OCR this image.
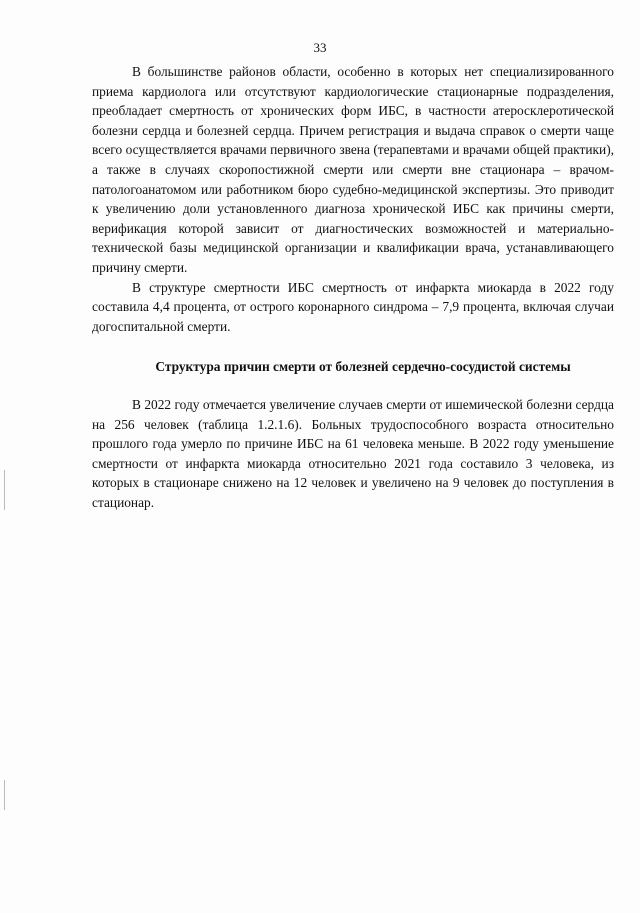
33

В большинстве районов области, особенно в которых нет специализированного приема кардиолога или отсутствуют кардиологические стационарные подразделения, преобладает смертность от хронических форм ИБС, в частности атеросклеротической болезни сердца и болезней сердца. Причем регистрация и выдача справок о смерти чаще всего осуществляется врачами первичного звена (терапевтами и врачами общей практики), а также в случаях скоропостижной смерти или смерти вне стационара – врачом-патологоанатомом или работником бюро судебно-медицинской экспертизы. Это приводит к увеличению доли установленного диагноза хронической ИБС как причины смерти, верификация которой зависит от диагностических возможностей и материально-технической базы медицинской организации и квалификации врача, устанавливающего причину смерти.

В структуре смертности ИБС смертность от инфаркта миокарда в 2022 году составила 4,4 процента, от острого коронарного синдрома – 7,9 процента, включая случаи догоспитальной смерти.

Структура причин смерти от болезней сердечно-сосудистой системы

В 2022 году отмечается увеличение случаев смерти от ишемической болезни сердца на 256 человек (таблица 1.2.1.6). Больных трудоспособного возраста относительно прошлого года умерло по причине ИБС на 61 человека меньше. В 2022 году уменьшение смертности от инфаркта миокарда относительно 2021 года составило 3 человека, из которых в стационаре снижено на 12 человек и увеличено на 9 человек до поступления в стационар.
